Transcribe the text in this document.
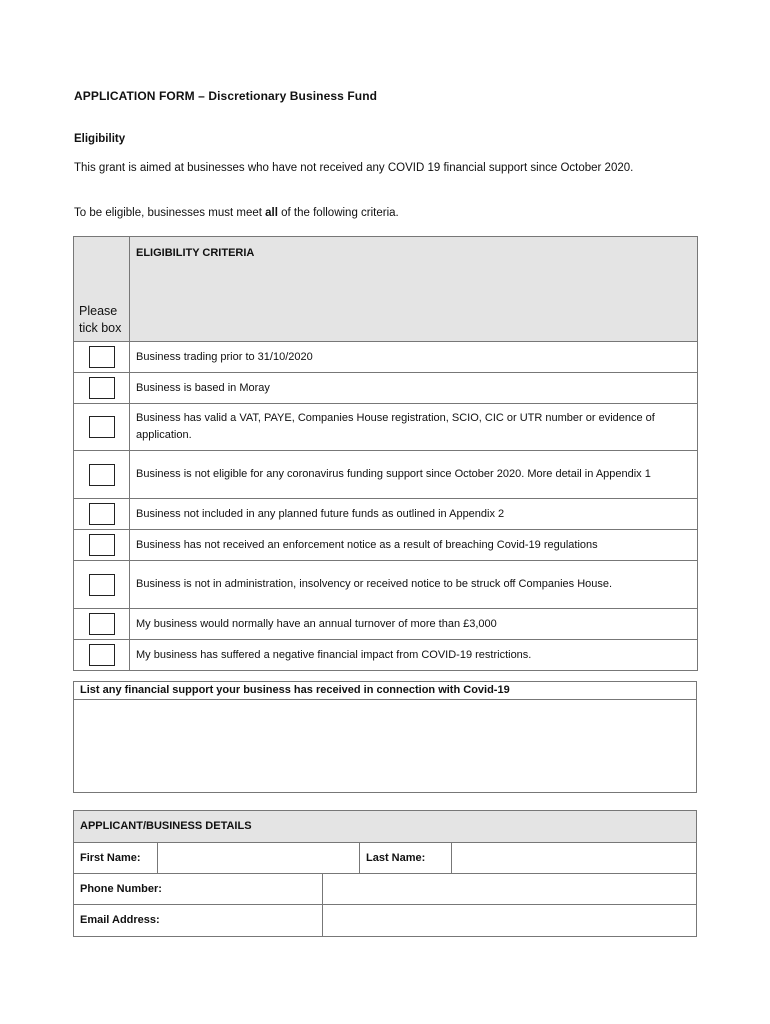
APPLICATION FORM – Discretionary Business Fund
Eligibility
This grant is aimed at businesses who have not received any COVID 19 financial support since October 2020.
To be eligible, businesses must meet all of the following criteria.
Please tick box	ELIGIBILITY CRITERIA
	Business trading prior to 31/10/2020
	Business is based in Moray
	Business has valid a VAT, PAYE, Companies House registration, SCIO, CIC or UTR number or evidence of application.
	Business is not eligible for any coronavirus funding support since October 2020. More detail in Appendix 1
	Business not included in any planned future funds as outlined in Appendix 2
	Business has not received an enforcement notice as a result of breaching Covid-19 regulations
	Business is not in administration, insolvency or received notice to be struck off Companies House.
	My business would normally have an annual turnover of more than £3,000
	My business has suffered a negative financial impact from COVID-19 restrictions.
List any financial support your business has received in connection with Covid-19
APPLICANT/BUSINESS DETAILS
First Name:	Last Name:
Phone Number:
Email Address:
